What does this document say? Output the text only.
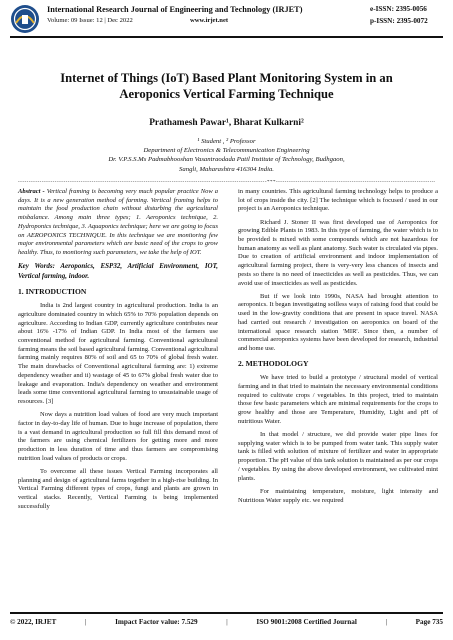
International Research Journal of Engineering and Technology (IRJET)
Volume: 09 Issue: 12 | Dec 2022	www.irjet.net
e-ISSN: 2395-0056
p-ISSN: 2395-0072
Internet of Things (IoT) Based Plant Monitoring System in an
Aeroponics Vertical Farming Technique
Prathamesh Pawar¹, Bharat Kulkarni²
¹ Student , ² Professor
Department of Electronics & Telecommunication Engineering
Dr. V.P.S.S.Ms Padmabhooshan Vasantraodada Patil Institute of Technology, Budhgaon,
Sangli, Maharashtra 416304 India.
-----

Abstract - Vertical framing is becoming very much popular practice Now a days. It is a new generation method of farming. Vertical framing helps to maintain the food production chain without disturbing the agricultural misbalance. Among main three types; 1. Aeroponics technique, 2. Hydroponics technique, 3. Aquaponics technique; here we are going to focus on AEROPONICS TECHNIQUE. In this technique we are monitoring few major environmental parameters which are basic need of the crops to grow healthy. Thus, to monitoring such parameters, we take the help of IOT.

Key Words: Aeroponics, ESP32, Artificial Environment, IOT, Vertical farming, indoor.

1. INTRODUCTION

India is 2nd largest country in agricultural production. India is an agriculture dominated country in which 65% to 70% population depends on agriculture. According to Indian GDP, currently agriculture contributes near about 16% -17% of Indian GDP. In India most of the farmers use conventional method for agricultural farming. Conventional agricultural farming means the soil based agricultural farming. Conventional agricultural farming mainly requires 80% of soil and 65 to 70% of global fresh water. The main drawbacks of Conventional agricultural farming are: 1) extreme dependency weather and ii) wastage of 45 to 67% global fresh water due to leakage and evaporation. India's dependency on weather and environment leads some time conventional agricultural farming to unsustainable usage of resources. [3]

Now days a nutrition load values of food are very much important factor in day-to-day life of human. Due to huge increase of population, there is a vast demand in agricultural production so full fill this demand most of the farmers are using chemical fertilizers for getting more and more production in less duration of time and thus farmers are compromising nutrition load values of products or crops.

To overcome all these issues Vertical Farming incorporates all planning and design of agricultural farms together in a high-rise building. In Vertical Farming different types of crops, fungi and plants are grown in vertical stacks. Recently, Vertical Farming is being implemented successfully

in many countries. This agricultural farming technology helps to produce a lot of crops inside the city. [2] The technique which is focused / used in our project is an Aeroponics technique.

Richard J. Stoner II was first developed use of Aeroponics for growing Edible Plants in 1983. In this type of farming, the water which is to be provided is mixed with some compounds which are not hazardous for human anatomy as well as plant anatomy. Such water is circulated via pipes. Due to creation of artificial environment and indoor implementation of agricultural farming project, there is very-very less chances of insects and pests so there is no need of insecticides as well as pesticides. Thus, we can avoid use of insecticides as well as pesticides.

But if we look into 1990s, NASA had brought attention to aeroponics. It began investigating soilless ways of raising food that could be used in the low-gravity conditions that are present in space travel. NASA had carried out research / investigation on aeroponics on board of the international space research station 'MIR'. Since then, a number of commercial aeroponics systems have been developed for research, industrial and home use.

2. METHODOLOGY

We have tried to build a prototype / structural model of vertical farming and in that tried to maintain the necessary environmental conditions required to cultivate crops / vegetables. In this project, tried to maintain those few basic parameters which are minimal requirements for the crops to grow healthy and those are Temperature, Humidity, Light and pH of nutritious Water.

In that model / structure, we did provide water pipe lines for supplying water which is to be pumped from water tank. This supply water tank is filled with solution of mixture of fertilizer and water in appropriate proportion. The pH value of this tank solution is maintained as per our crops / vegetables. By using the above developed environment, we cultivated mint plants.

For maintaining temperature, moisture, light intensity and Nutritious Water supply etc. we required

© 2022, IRJET	|	Impact Factor value: 7.529	|	ISO 9001:2008 Certified Journal	|	Page 735
